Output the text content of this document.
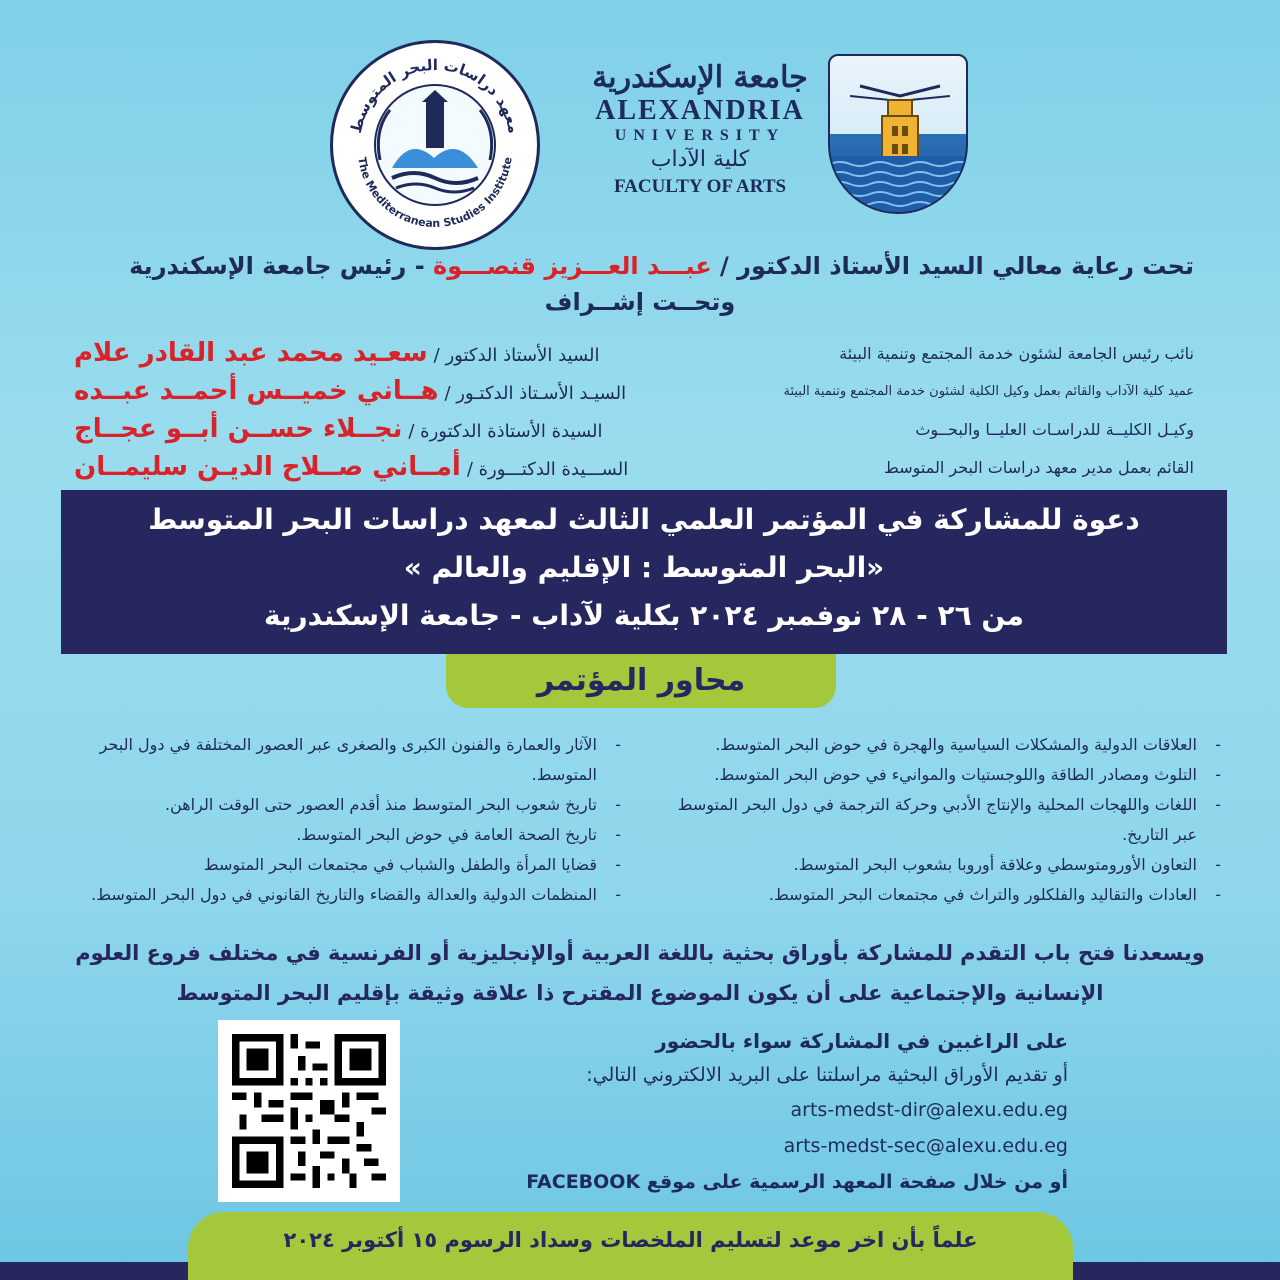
معهد دراسات البحر المتوسط
The Mediterranean Studies Institute
جامعة الإسكندرية
ALEXANDRIA
UNIVERSITY
كلية الآداب
FACULTY OF ARTS
تحت رعاية معالي السيد الأستاذ الدكتور / عبـــد العـــزيز قنصـــوة - رئيس جامعة الإسكندرية
وتحــت إشــراف
السيد الأستاذ الدكتور /
سعـيد محمد عبد القادر علام	نائب رئيس الجامعة لشئون خدمة المجتمع وتنمية البيئة
السيـد الأسـتاذ الدكتـور /
هــاني خميــس أحمــد عبــده	عميد كلية الآداب والقائم بعمل وكيل الكلية لشئون خدمة المجتمع وتنمية البيئة
السيدة الأستاذة الدكتورة /
نجــلاء حســن أبــو عجــاج	وكيـل الكليــة للدراسـات العليــا والبحــوث
الســـيدة الدكتـــورة /
أمــاني صــلاح الديـن سليمــان	القائم بعمل مدير معهد دراسات البحر المتوسط
دعوة للمشاركة في المؤتمر العلمي الثالث لمعهد دراسات البحر المتوسط
«البحر المتوسط : الإقليم والعالم »
من ٢٦ - ٢٨ نوفمبر ٢٠٢٤ بكلية لآداب - جامعة الإسكندرية
محاور المؤتمر
- العلاقات الدولية والمشكلات السياسية والهجرة في حوض البحر المتوسط.
- التلوث ومصادر الطاقة واللوجستيات والموانيء في حوض البحر المتوسط.
- اللغات واللهجات المحلية والإنتاج الأدبي وحركة الترجمة في دول البحر المتوسط عبر التاريخ.
- التعاون الأورومتوسطي وعلاقة أوروبا بشعوب البحر المتوسط.
- العادات والتقاليد والفلكلور والتراث في مجتمعات البحر المتوسط.
- الآثار والعمارة والفنون الكبرى والصغرى عبر العصور المختلفة في دول البحر المتوسط.
- تاريخ شعوب البحر المتوسط منذ أقدم العصور حتى الوقت الراهن.
- تاريخ الصحة العامة في حوض البحر المتوسط.
- قضايا المرأة والطفل والشباب في مجتمعات البحر المتوسط
- المنظمات الدولية والعدالة والقضاء والتاريخ القانوني في دول البحر المتوسط.
ويسعدنا فتح باب التقدم للمشاركة بأوراق بحثية باللغة العربية أوالإنجليزية أو الفرنسية في مختلف فروع العلوم
الإنسانية والإجتماعية على أن يكون الموضوع المقترح ذا علاقة وثيقة بإقليم البحر المتوسط
على الراغبين في المشاركة سواء بالحضور
أو تقديم الأوراق البحثية مراسلتنا على البريد الالكتروني التالي:
arts-medst-dir@alexu.edu.eg
arts-medst-sec@alexu.edu.eg
أو من خلال صفحة المعهد الرسمية على موقع FACEBOOK
علماً بأن اخر موعد لتسليم الملخصات وسداد الرسوم ١٥ أكتوبر ٢٠٢٤
